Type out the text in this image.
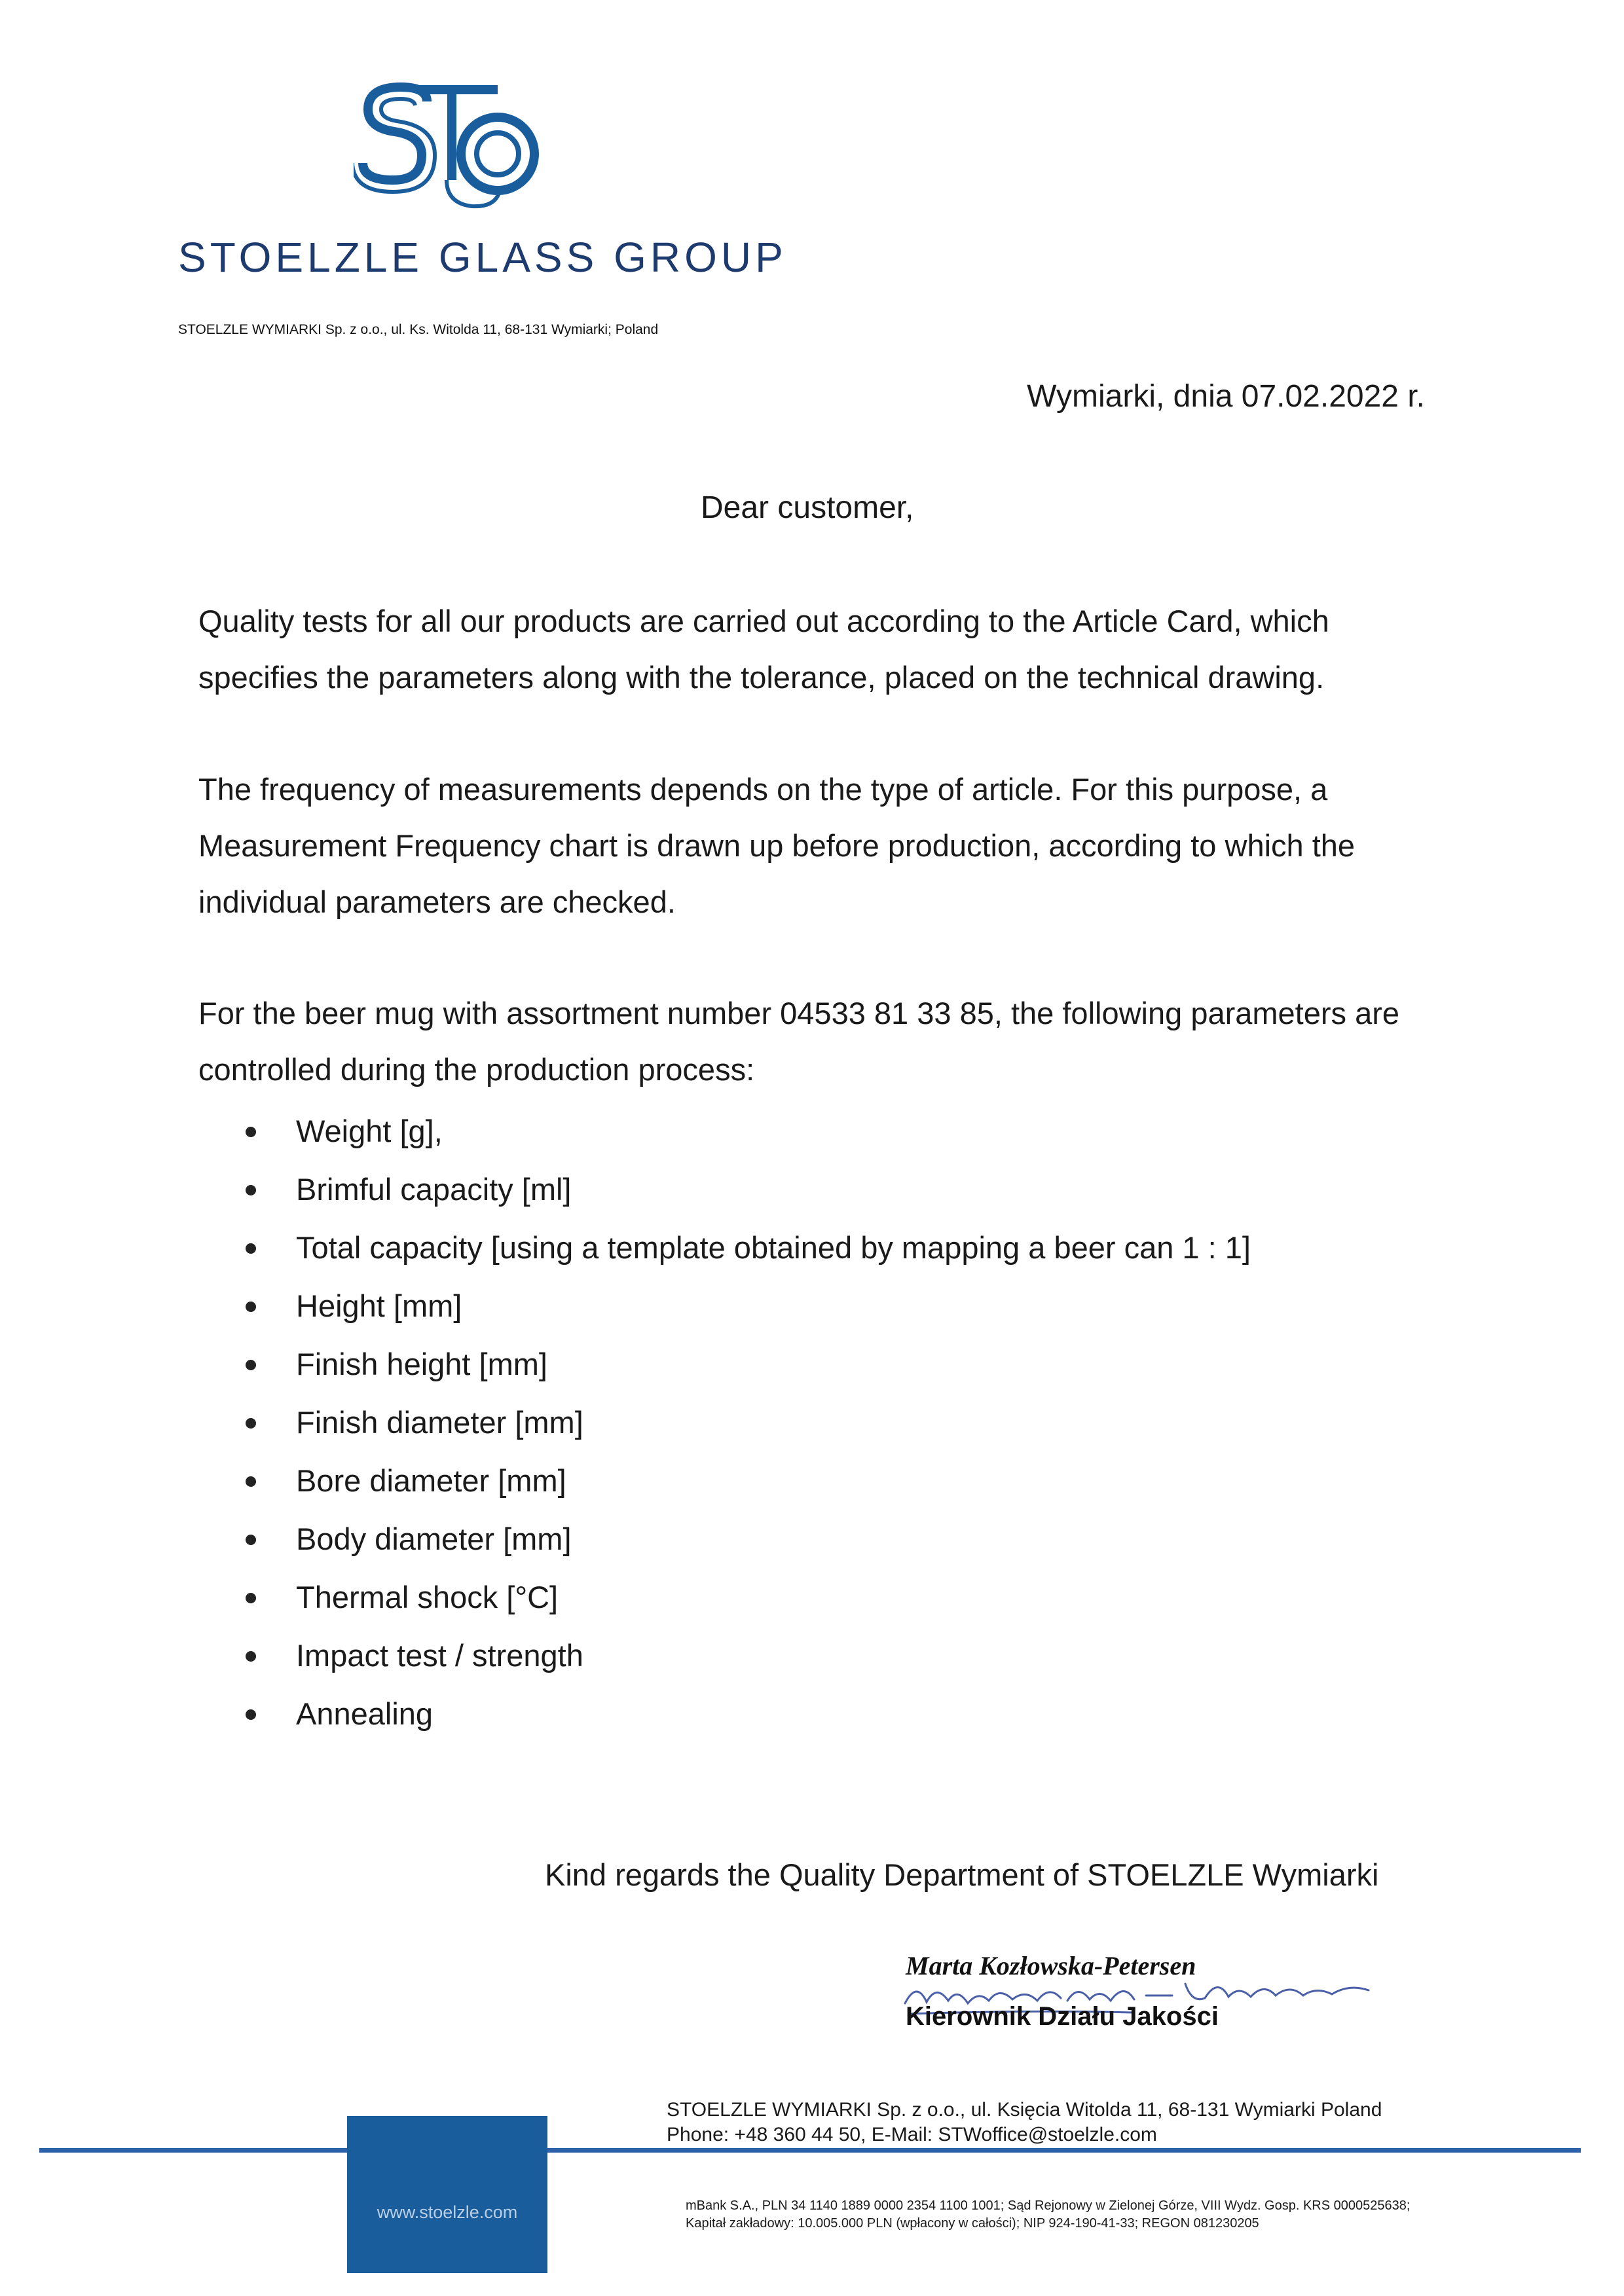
STOELZLE GLASS GROUP
STOELZLE WYMIARKI Sp. z o.o., ul. Ks. Witolda 11, 68-131 Wymiarki; Poland
Wymiarki, dnia 07.02.2022 r.
Dear customer,

Quality tests for all our products are carried out according to the Article Card, which specifies the parameters along with the tolerance, placed on the technical drawing.

The frequency of measurements depends on the type of article. For this purpose, a Measurement Frequency chart is drawn up before production, according to which the individual parameters are checked.

For the beer mug with assortment number 04533 81 33 85, the following parameters are controlled during the production process:

Weight [g],
Brimful capacity [ml]
Total capacity [using a template obtained by mapping a beer can 1 : 1]
Height [mm]
Finish height [mm]
Finish diameter [mm]
Bore diameter [mm]
Body diameter [mm]
Thermal shock [°C]
Impact test / strength
Annealing
Kind regards the Quality Department of STOELZLE Wymiarki
Marta Kozłowska-Petersen
Kierownik Działu Jakości
www.stoelzle.com
STOELZLE WYMIARKI Sp. z o.o., ul. Księcia Witolda 11, 68-131 Wymiarki Poland
Phone: +48 360 44 50, E-Mail: STWoffice@stoelzle.com
mBank S.A., PLN 34 1140 1889 0000 2354 1100 1001; Sąd Rejonowy w Zielonej Górze, VIII Wydz. Gosp. KRS 0000525638;
Kapitał zakładowy: 10.005.000 PLN (wpłacony w całości); NIP 924-190-41-33; REGON 081230205
